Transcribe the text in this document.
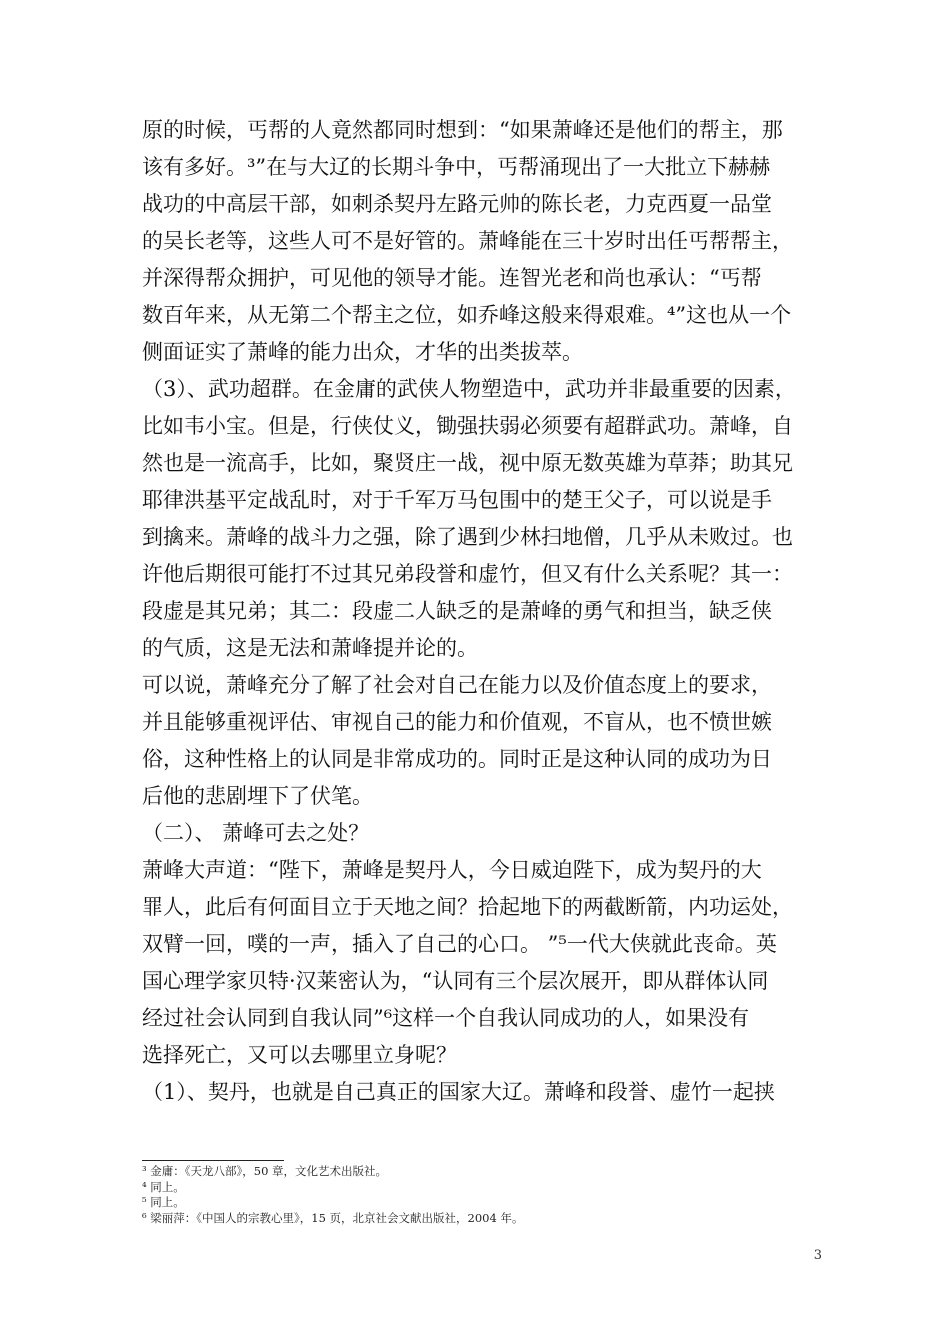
原的时候，丐帮的人竟然都同时想到：“如果萧峰还是他们的帮主，那
该有多好。³”在与大辽的长期斗争中，丐帮涌现出了一大批立下赫赫
战功的中高层干部，如刺杀契丹左路元帅的陈长老，力克西夏一品堂
的吴长老等，这些人可不是好管的。萧峰能在三十岁时出任丐帮帮主，
并深得帮众拥护，可见他的领导才能。连智光老和尚也承认：“丐帮
数百年来，从无第二个帮主之位，如乔峰这般来得艰难。⁴”这也从一个
侧面证实了萧峰的能力出众，才华的出类拔萃。
（3）、武功超群。在金庸的武侠人物塑造中，武功并非最重要的因素，
比如韦小宝。但是，行侠仗义，锄强扶弱必须要有超群武功。萧峰，自
然也是一流高手，比如，聚贤庄一战，视中原无数英雄为草莽；助其兄
耶律洪基平定战乱时，对于千军万马包围中的楚王父子，可以说是手
到擒来。萧峰的战斗力之强，除了遇到少林扫地僧，几乎从未败过。也
许他后期很可能打不过其兄弟段誉和虚竹，但又有什么关系呢？其一：
段虚是其兄弟；其二：段虚二人缺乏的是萧峰的勇气和担当，缺乏侠
的气质，这是无法和萧峰提并论的。
可以说，萧峰充分了解了社会对自己在能力以及价值态度上的要求，
并且能够重视评估、审视自己的能力和价值观，不盲从，也不愤世嫉
俗，这种性格上的认同是非常成功的。同时正是这种认同的成功为日
后他的悲剧埋下了伏笔。
（二）、 萧峰可去之处？
萧峰大声道：“陛下，萧峰是契丹人，今日威迫陛下，成为契丹的大
罪人，此后有何面目立于天地之间？拾起地下的两截断箭，内功运处，
双臂一回，噗的一声，插入了自己的心口。 ”⁵一代大侠就此丧命。英
国心理学家贝特·汉莱密认为，“认同有三个层次展开，即从群体认同
经过社会认同到自我认同”⁶这样一个自我认同成功的人，如果没有
选择死亡，又可以去哪里立身呢？
（1）、契丹，也就是自己真正的国家大辽。萧峰和段誉、虚竹一起挟
³ 金庸：《天龙八部》，50 章，文化艺术出版社。
⁴ 同上。
⁵ 同上。
⁶ 梁丽萍：《中国人的宗教心里》，15 页，北京社会文献出版社，2004 年。
3
